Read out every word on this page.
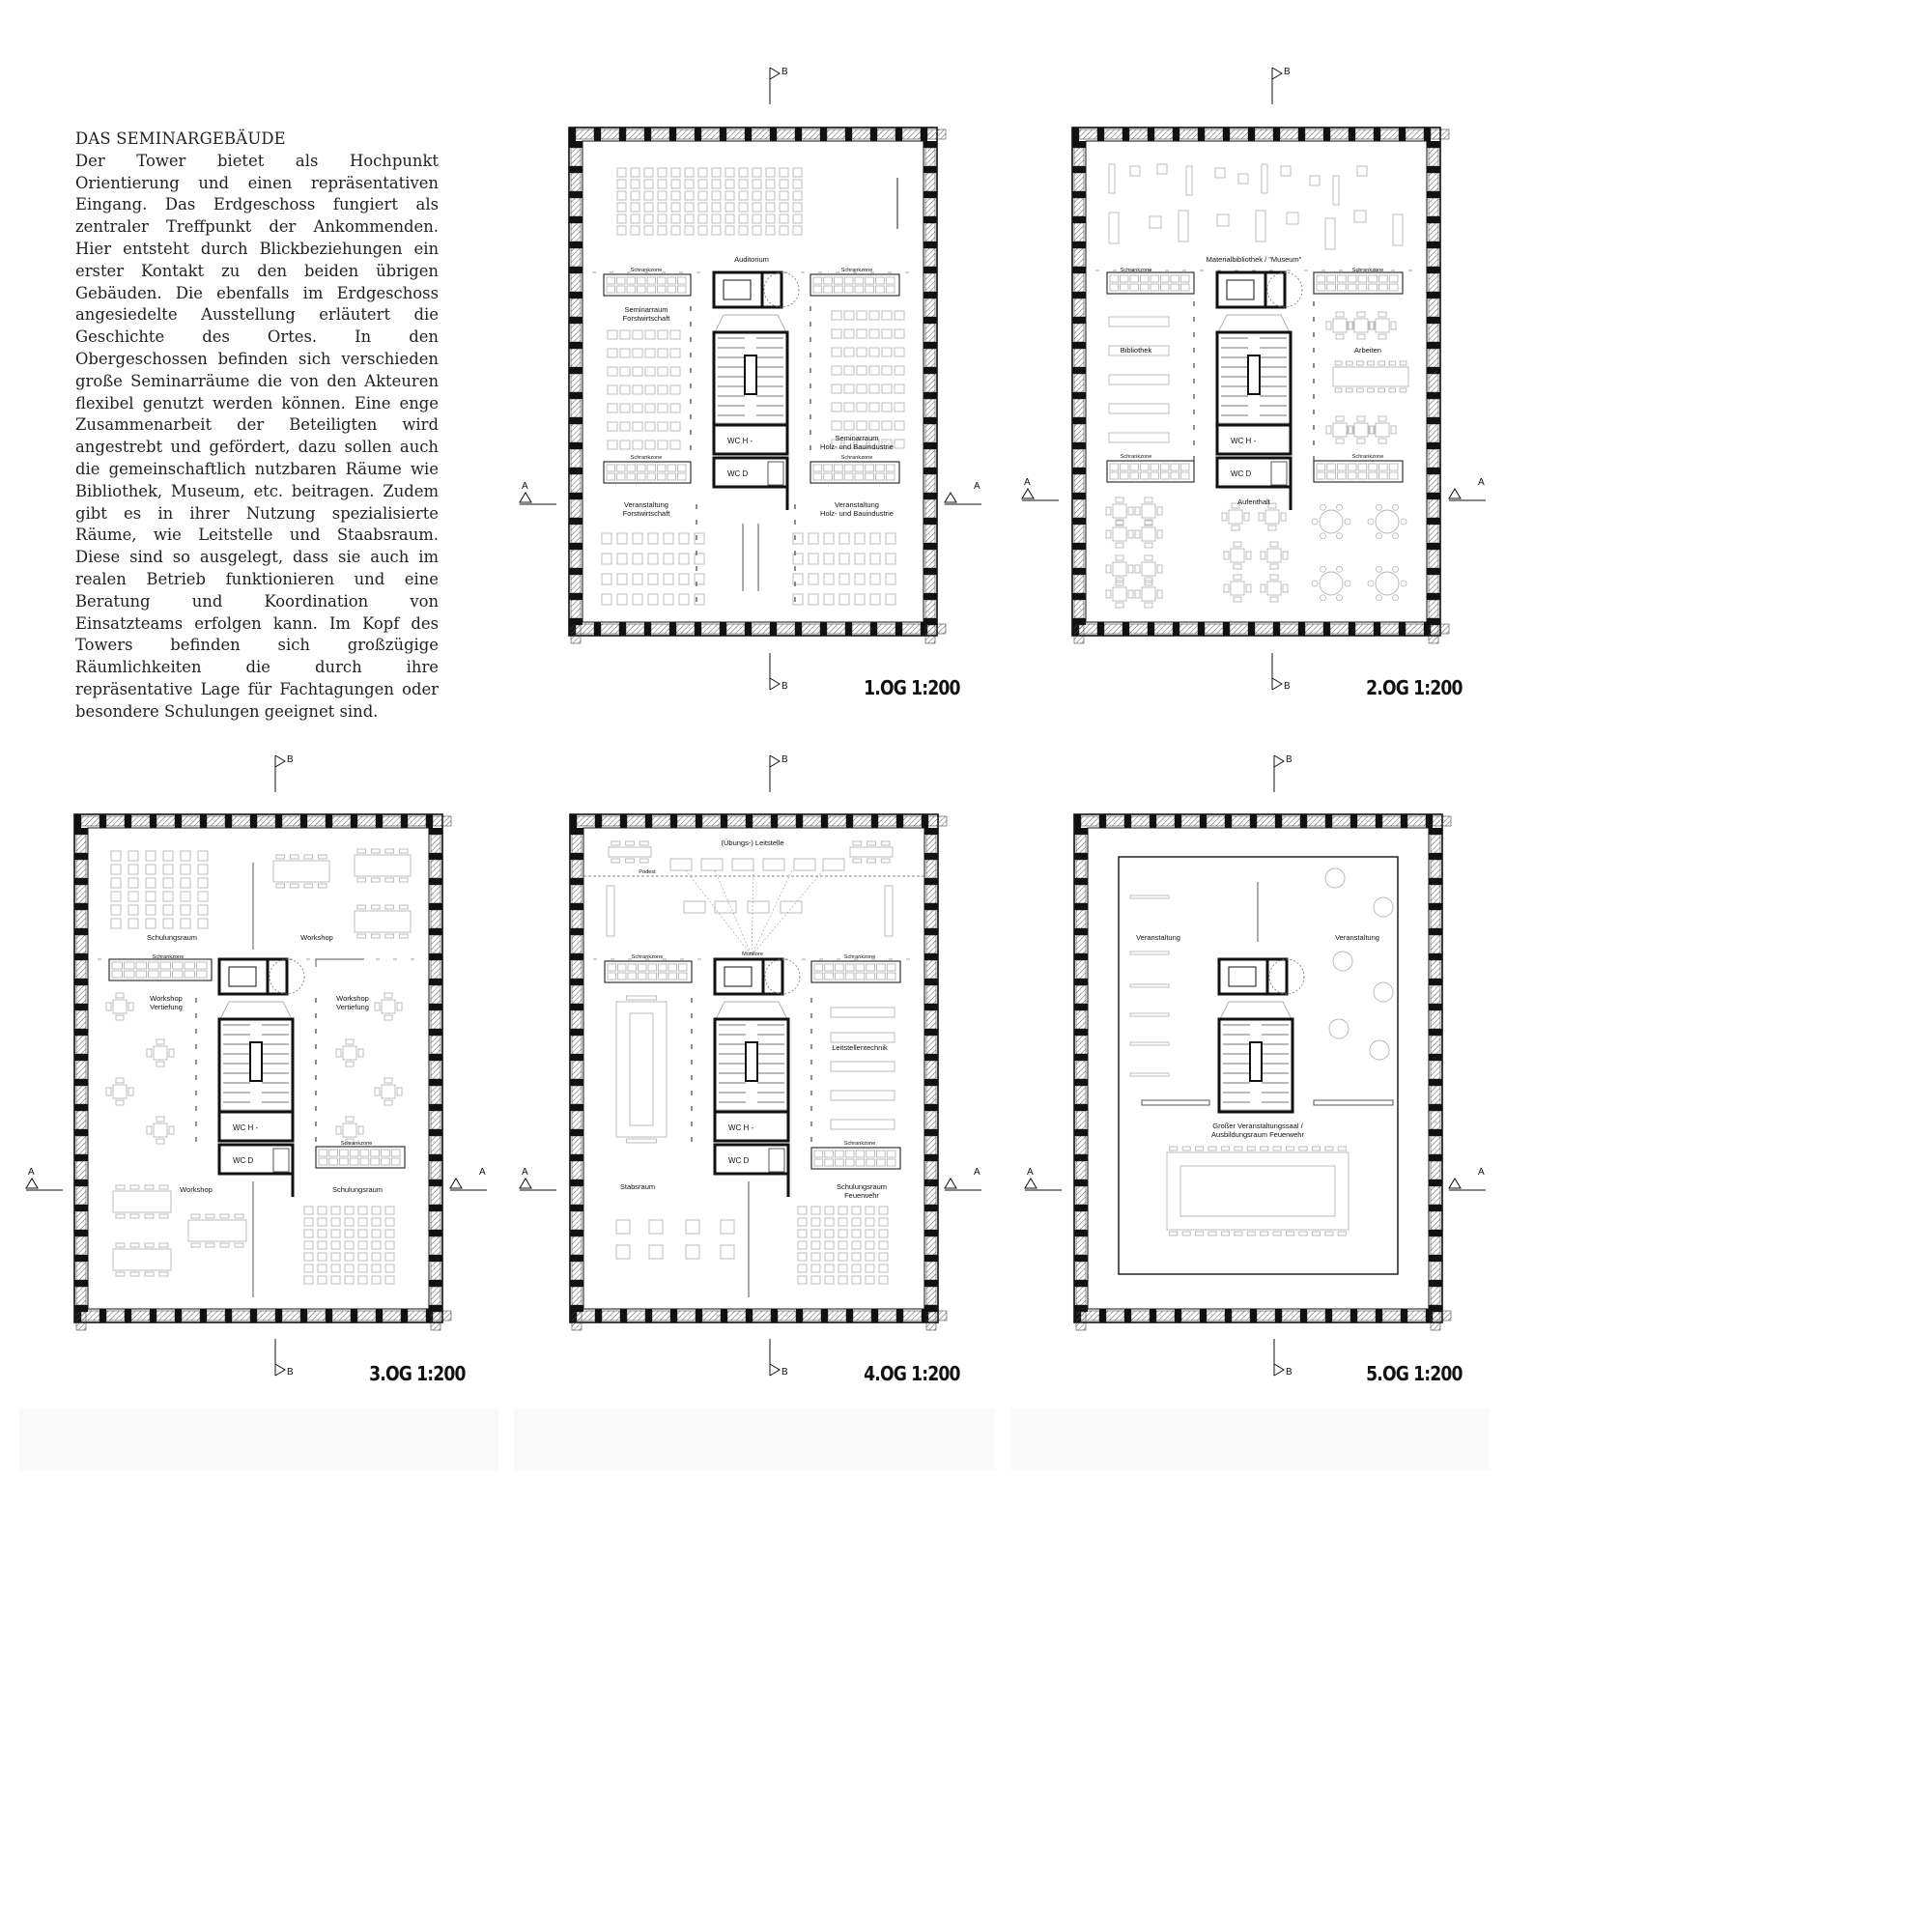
DAS SEMINARGEBÄUDE
Der Tower bietet als Hochpunkt Orientierung und einen repräsentativen Eingang. Das Erdgeschoss fungiert als zentraler Treffpunkt der Ankommenden. Hier entsteht durch Blickbeziehungen ein erster Kontakt zu den beiden übrigen Gebäuden. Die ebenfalls im Erdgeschoss angesiedelte Ausstellung erläutert die Geschichte des Ortes. In den Obergeschossen befinden sich verschieden große Seminarräume die von den Akteuren flexibel genutzt werden können. Eine enge Zusammenarbeit der Beteiligten wird angestrebt und gefördert, dazu sollen auch die gemeinschaftlich nutzbaren Räume wie Bibliothek, Museum, etc. beitragen. Zudem gibt es in ihrer Nutzung spezialisierte Räume, wie Leitstelle und Staabsraum. Diese sind so ausgelegt, dass sie auch im realen Betrieb funktionieren und eine Beratung und Koordination von Einsatzteams erfolgen kann. Im Kopf des Towers befinden sich großzügige Räumlichkeiten die durch ihre repräsentative Lage für Fachtagungen oder besondere Schulungen geeignet sind.
WC H -
WC D
Auditorium
Schrankzone	Schrankzone
Seminarraum
Forstwirtschaft
Seminarraum
Holz- und Bauindustrie
Schrankzone	Schrankzone
Veranstaltung
Forstwirtschaft
Veranstaltung
Holz- und Bauindustrie
1.OG 1:200
WC H -
WC D
Materialbibliothek / "Museum"
Schrankzone	Schrankzone
Bibliothek	Arbeiten
Schrankzone	Schrankzone
Aufenthalt
2.OG 1:200
WC H -
WC D
Schulungsraum	Workshop
Schrankzone
Workshop
Vertiefung
Workshop
Vertiefung
Schrankzone
Workshop	Schulungsraum
3.OG 1:200
WC H -
WC D
(Übungs-) Leitstelle
Podest
Monitore
Schrankzone	Schrankzone
Leitstellentechnik
Schrankzone
Stabsraum	Schulungsraum
Feuerwehr
4.OG 1:200
Veranstaltung	Veranstaltung
Großer Veranstaltungssaal /
Ausbildungsraum Feuerwehr
5.OG 1:200
B	B
B	B	B
B	B
B	B	B
A	A
A	A	A
A	A
A	A	A
